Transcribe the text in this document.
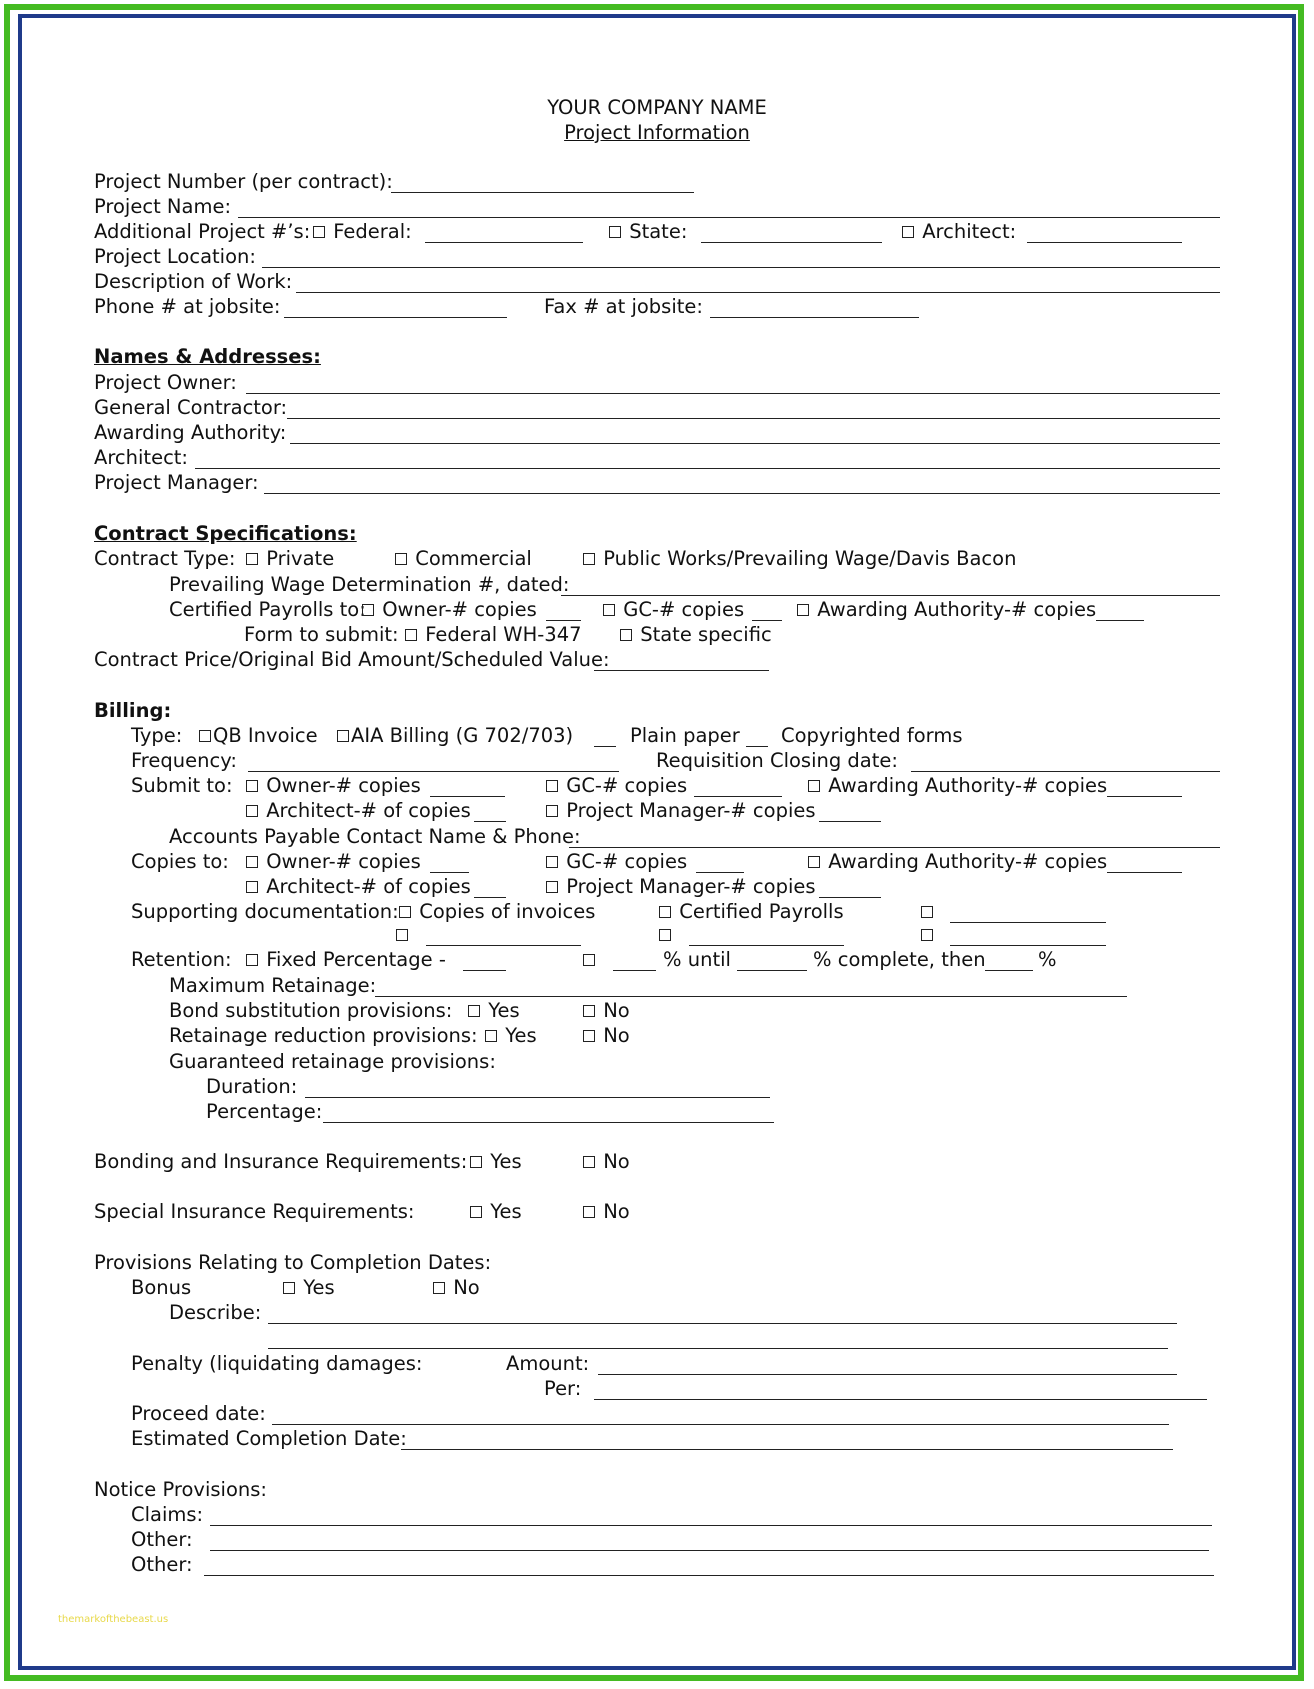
YOUR COMPANY NAME
Project Information
Project Number (per contract):
Project Name:
Additional Project #’s:	Federal:	State:	Architect:
Project Location:
Description of Work:
Phone # at jobsite:	Fax # at jobsite:
Names & Addresses:
Project Owner:
General Contractor:
Awarding Authority:
Architect:
Project Manager:
Contract Specifications:
Contract Type:	Private	Commercial	Public Works/Prevailing Wage/Davis Bacon
Prevailing Wage Determination #, dated:
Certified Payrolls to: Owner-# copies	GC-# copies	Awarding Authority-# copies
Form to submit:	Federal WH-347	State specific
Contract Price/Original Bid Amount/Scheduled Value:
Billing:
Type:	QB Invoice	AIA Billing (G 702/703)	Plain paper Copyrighted forms
Frequency:	Requisition Closing date:
Submit to:	Owner-# copies	GC-# copies	Awarding Authority-# copies
Architect-# of copies	Project Manager-# copies
Accounts Payable Contact Name & Phone:
Copies to:	Owner-# copies	GC-# copies	Awarding Authority-# copies
Architect-# of copies	Project Manager-# copies
Supporting documentation:	Copies of invoices	Certified Payrolls
Retention:	Fixed Percentage -	% until	% complete, then	%
Maximum Retainage:
Bond substitution provisions:	Yes	No
Retainage reduction provisions:	Yes	No
Guaranteed retainage provisions:
Duration:
Percentage:
Bonding and Insurance Requirements:	Yes	No
Special Insurance Requirements:	Yes	No
Provisions Relating to Completion Dates:
Bonus	Yes	No
Describe:
Penalty (liquidating damages:	Amount:
Per:
Proceed date:
Estimated Completion Date:
Notice Provisions:
Claims:
Other:
Other:
themarkofthebeast.us
